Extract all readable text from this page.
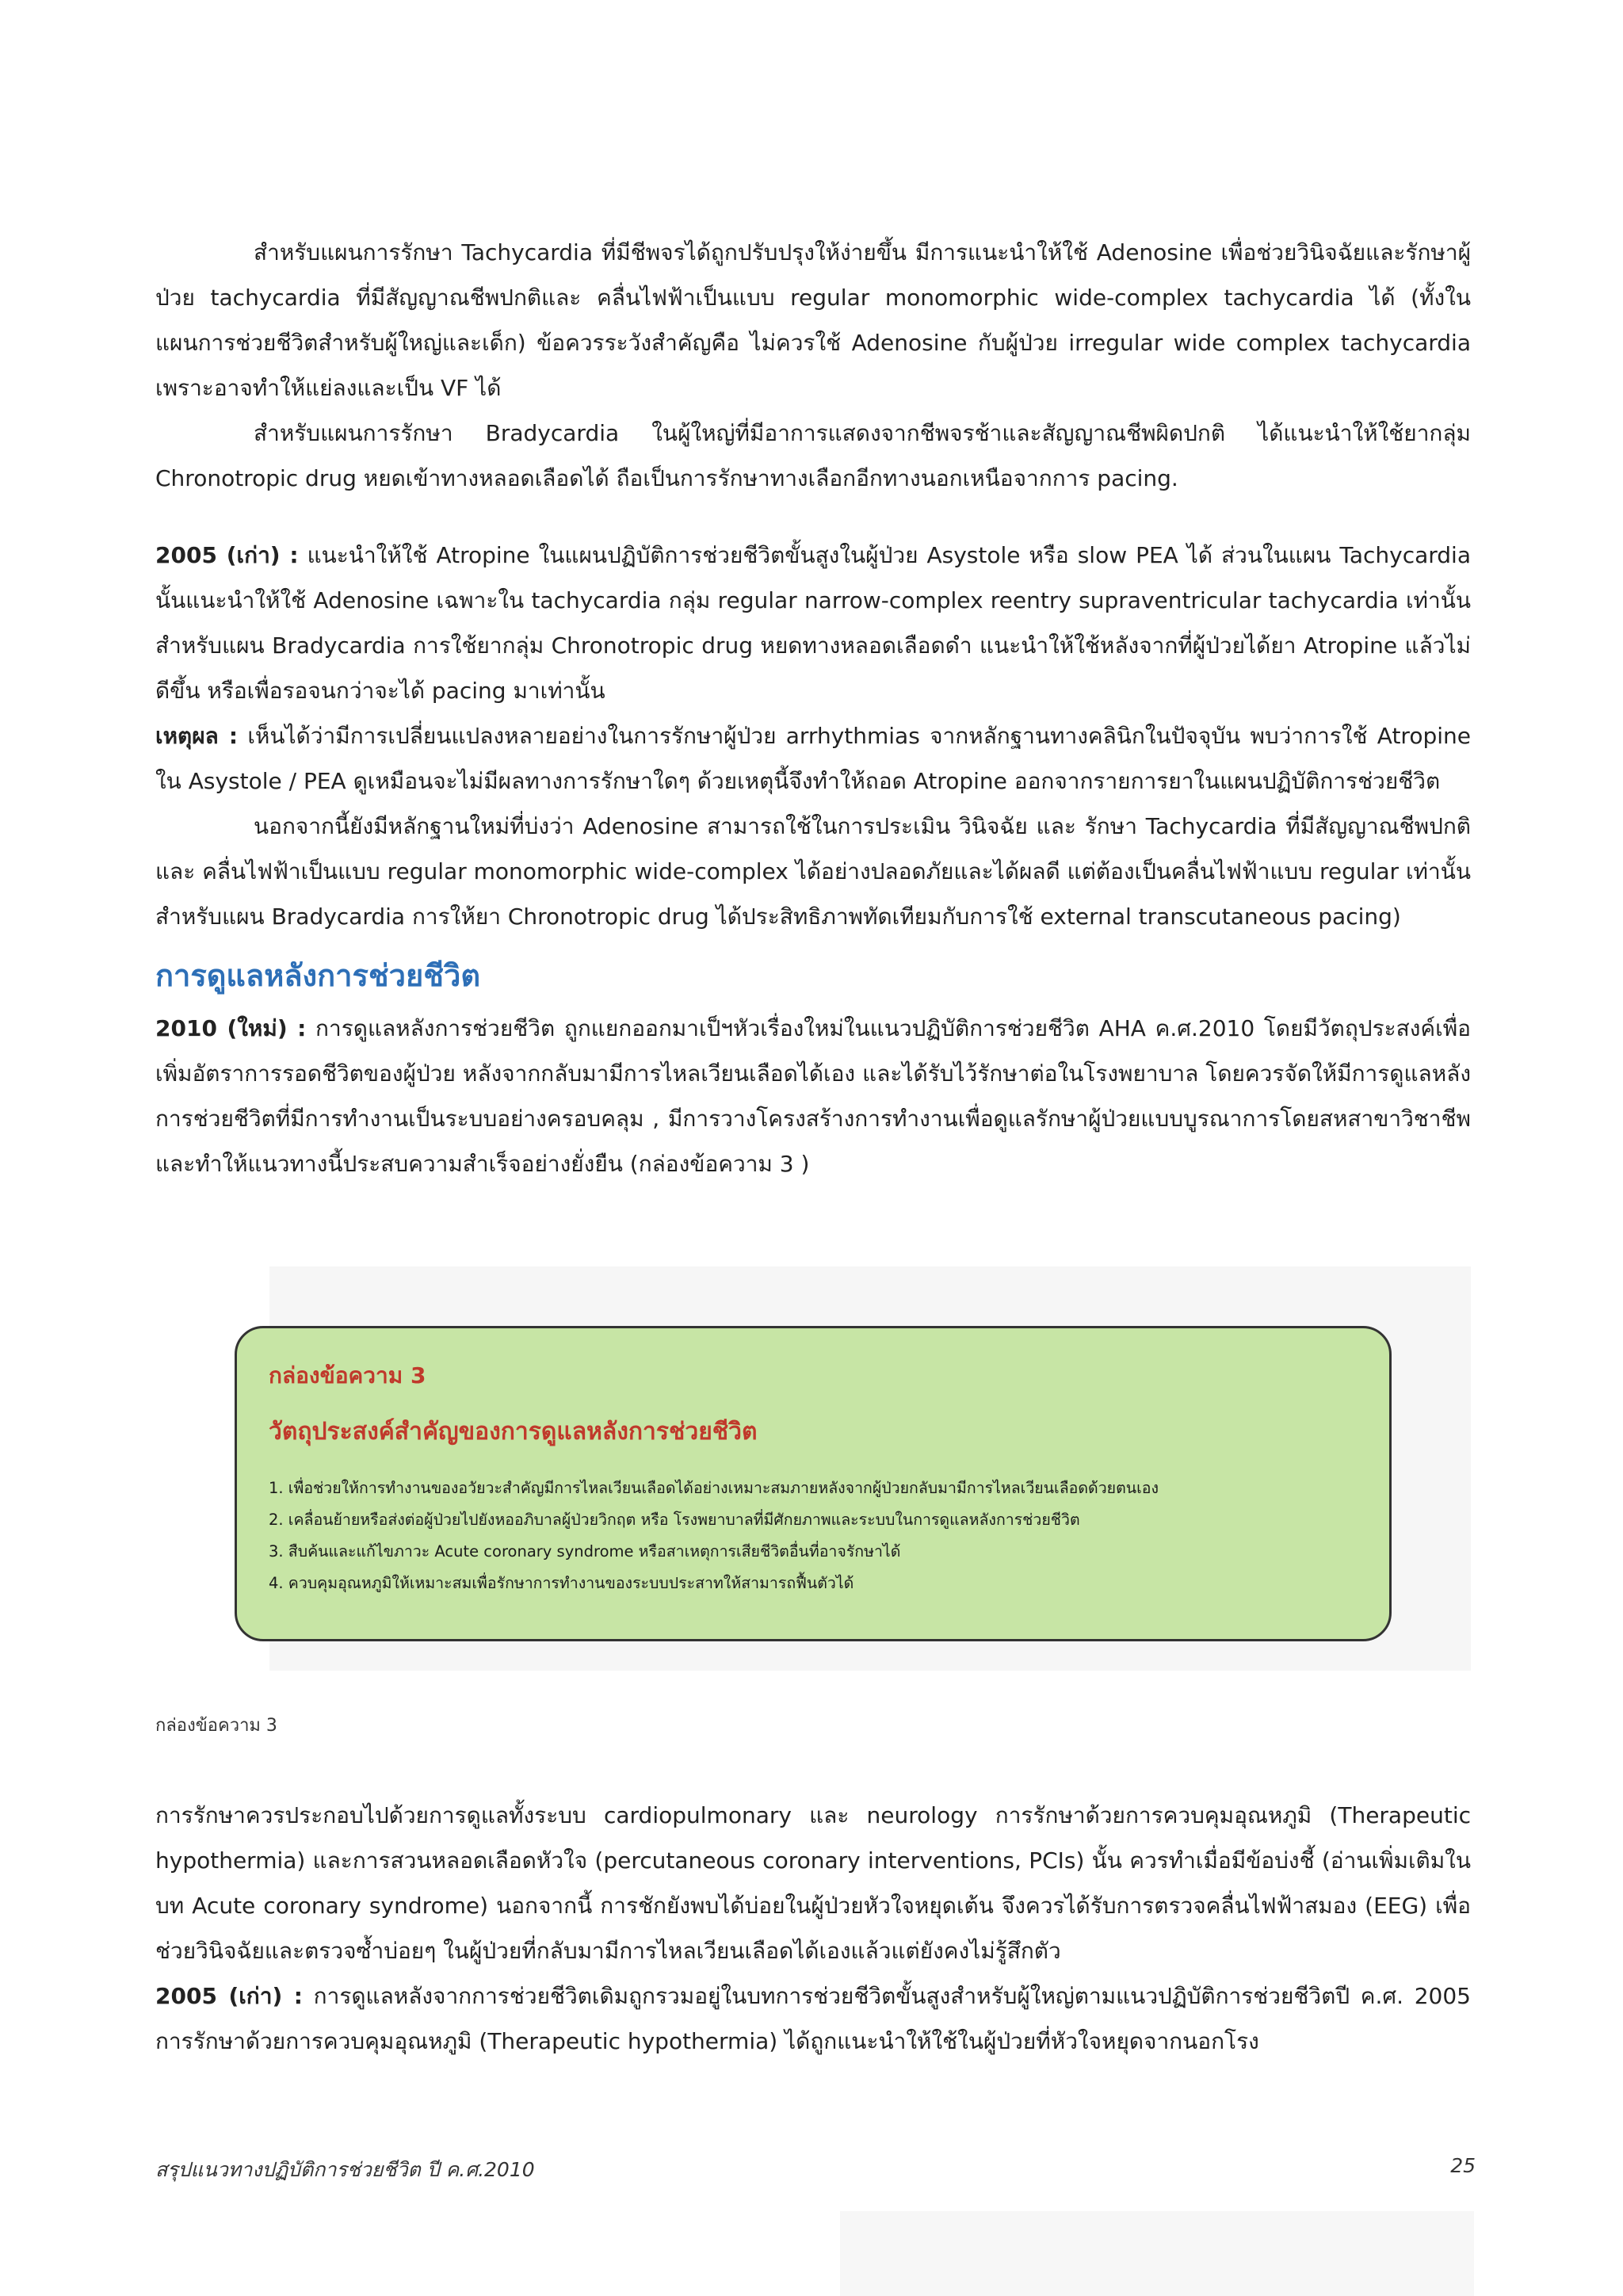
สำหรับแผนการรักษา Tachycardia ที่มีชีพจรได้ถูกปรับปรุงให้ง่ายขึ้น มีการแนะนำให้ใช้ Adenosine เพื่อช่วยวินิจฉัยและรักษาผู้ป่วย tachycardia ที่มีสัญญาณชีพปกติและ คลื่นไฟฟ้าเป็นแบบ regular monomorphic wide-complex tachycardia ได้ (ทั้งในแผนการช่วยชีวิตสำหรับผู้ใหญ่และเด็ก) ข้อควรระวังสำคัญคือ ไม่ควรใช้ Adenosine กับผู้ป่วย irregular wide complex tachycardia เพราะอาจทำให้แย่ลงและเป็น VF ได้

สำหรับแผนการรักษา Bradycardia ในผู้ใหญ่ที่มีอาการแสดงจากชีพจรช้าและสัญญาณชีพผิดปกติ ได้แนะนำให้ใช้ยากลุ่ม Chronotropic drug หยดเข้าทางหลอดเลือดได้ ถือเป็นการรักษาทางเลือกอีกทางนอกเหนือจากการ pacing.

2005 (เก่า) : แนะนำให้ใช้ Atropine ในแผนปฏิบัติการช่วยชีวิตขั้นสูงในผู้ป่วย Asystole หรือ slow PEA ได้ ส่วนในแผน Tachycardia นั้นแนะนำให้ใช้ Adenosine เฉพาะใน tachycardia กลุ่ม regular narrow-complex reentry supraventricular tachycardia เท่านั้น สำหรับแผน Bradycardia การใช้ยากลุ่ม Chronotropic drug หยดทางหลอดเลือดดำ แนะนำให้ใช้หลังจากที่ผู้ป่วยได้ยา Atropine แล้วไม่ดีขึ้น หรือเพื่อรอจนกว่าจะได้ pacing มาเท่านั้น

เหตุผล : เห็นได้ว่ามีการเปลี่ยนแปลงหลายอย่างในการรักษาผู้ป่วย arrhythmias จากหลักฐานทางคลินิกในปัจจุบัน พบว่าการใช้ Atropine ใน Asystole / PEA ดูเหมือนจะไม่มีผลทางการรักษาใดๆ ด้วยเหตุนี้จึงทำให้ถอด Atropine ออกจากรายการยาในแผนปฏิบัติการช่วยชีวิต

นอกจากนี้ยังมีหลักฐานใหม่ที่บ่งว่า Adenosine สามารถใช้ในการประเมิน วินิจฉัย และ รักษา Tachycardia ที่มีสัญญาณชีพปกติ และ คลื่นไฟฟ้าเป็นแบบ regular monomorphic wide-complex ได้อย่างปลอดภัยและได้ผลดี แต่ต้องเป็นคลื่นไฟฟ้าแบบ regular เท่านั้น สำหรับแผน Bradycardia การให้ยา Chronotropic drug ได้ประสิทธิภาพทัดเทียมกับการใช้ external transcutaneous pacing)

การดูแลหลังการช่วยชีวิต

2010 (ใหม่) : การดูแลหลังการช่วยชีวิต ถูกแยกออกมาเป็ฯหัวเรื่องใหม่ในแนวปฏิบัติการช่วยชีวิต AHA ค.ศ.2010 โดยมีวัตถุประสงค์เพื่อเพิ่มอัตราการรอดชีวิตของผู้ป่วย หลังจากกลับมามีการไหลเวียนเลือดได้เอง และได้รับไว้รักษาต่อในโรงพยาบาล โดยควรจัดให้มีการดูแลหลังการช่วยชีวิตที่มีการทำงานเป็นระบบอย่างครอบคลุม , มีการวางโครงสร้างการทำงานเพื่อดูแลรักษาผู้ป่วยแบบบูรณาการโดยสหสาขาวิชาชีพ และทำให้แนวทางนี้ประสบความสำเร็จอย่างยั่งยืน (กล่องข้อความ 3 )

กล่องข้อความ 3

วัตถุประสงค์สำคัญของการดูแลหลังการช่วยชีวิต

1. เพื่อช่วยให้การทำงานของอวัยวะสำคัญมีการไหลเวียนเลือดได้อย่างเหมาะสมภายหลังจากผู้ป่วยกลับมามีการไหลเวียนเลือดด้วยตนเอง
2. เคลื่อนย้ายหรือส่งต่อผู้ป่วยไปยังหออภิบาลผู้ป่วยวิกฤต หรือ โรงพยาบาลที่มีศักยภาพและระบบในการดูแลหลังการช่วยชีวิต
3. สืบค้นและแก้ไขภาวะ Acute coronary syndrome หรือสาเหตุการเสียชีวิตอื่นที่อาจรักษาได้
4. ควบคุมอุณหภูมิให้เหมาะสมเพื่อรักษาการทำงานของระบบประสาทให้สามารถฟื้นตัวได้
กล่องข้อความ 3

การรักษาควรประกอบไปด้วยการดูแลทั้งระบบ cardiopulmonary และ neurology การรักษาด้วยการควบคุมอุณหภูมิ (Therapeutic hypothermia) และการสวนหลอดเลือดหัวใจ (percutaneous coronary interventions, PCIs) นั้น ควรทำเมื่อมีข้อบ่งชี้ (อ่านเพิ่มเติมในบท Acute coronary syndrome) นอกจากนี้ การชักยังพบได้บ่อยในผู้ป่วยหัวใจหยุดเต้น จึงควรได้รับการตรวจคลื่นไฟฟ้าสมอง (EEG) เพื่อช่วยวินิจฉัยและตรวจซ้ำบ่อยๆ ในผู้ป่วยที่กลับมามีการไหลเวียนเลือดได้เองแล้วแต่ยังคงไม่รู้สึกตัว

2005 (เก่า) : การดูแลหลังจากการช่วยชีวิตเดิมถูกรวมอยู่ในบทการช่วยชีวิตขั้นสูงสำหรับผู้ใหญ่ตามแนวปฏิบัติการช่วยชีวิตปี ค.ศ. 2005 การรักษาด้วยการควบคุมอุณหภูมิ (Therapeutic hypothermia) ได้ถูกแนะนำให้ใช้ในผู้ป่วยที่หัวใจหยุดจากนอกโรง

สรุปแนวทางปฏิบัติการช่วยชีวิต ปี ค.ศ.2010	25
